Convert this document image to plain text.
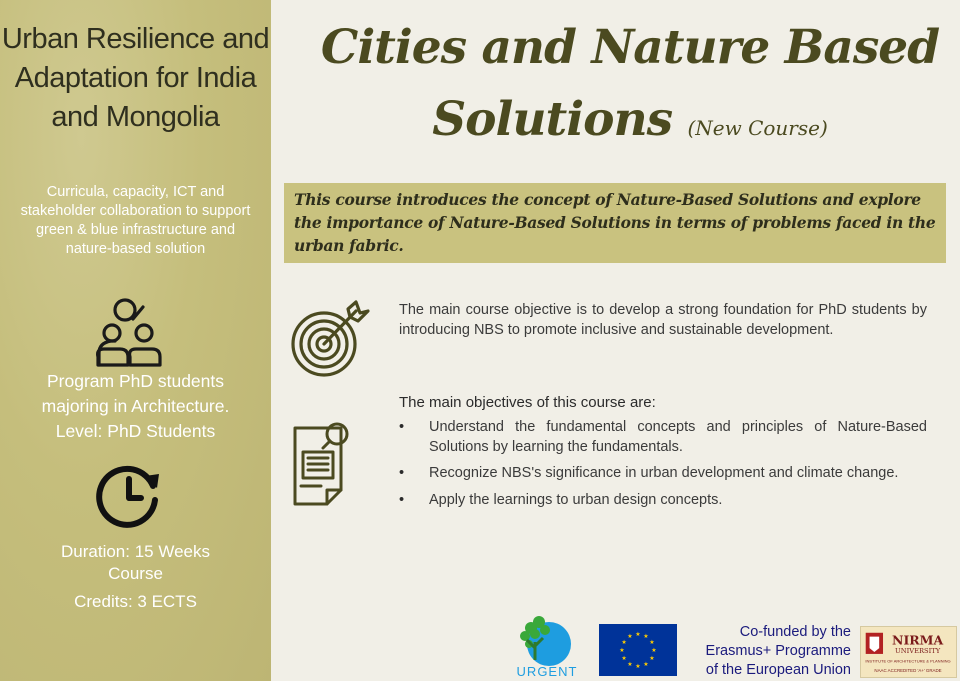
Urban Resilience and Adaptation for India and Mongolia
Curricula, capacity, ICT and stakeholder collaboration to support green & blue infrastructure and nature-based solution
Program PhD students
majoring in Architecture.
Level: PhD Students
Duration: 15 Weeks
Course
Credits: 3 ECTS
Cities and Nature Based
Solutions (New Course)
This course introduces the concept of Nature-Based Solutions and explore the importance of Nature-Based Solutions in terms of problems faced in the urban fabric.
The main course objective is to develop a strong foundation for PhD students by introducing NBS to promote inclusive and sustainable development.
The main objectives of this course are:
• Understand the fundamental concepts and principles of Nature-Based Solutions by learning the fundamentals.
• Recognize NBS's significance in urban development and climate change.
• Apply the learnings to urban design concepts.
URGENT
★
★
★
★
★
★
★
★
★ ★ ★
★
Co-funded by the
Erasmus+ Programme
of the European Union
NIRMA
UNIVERSITY
INSTITUTE OF ARCHITECTURE & PLANNING
NAAC ACCREDITED 'A+' GRADE
